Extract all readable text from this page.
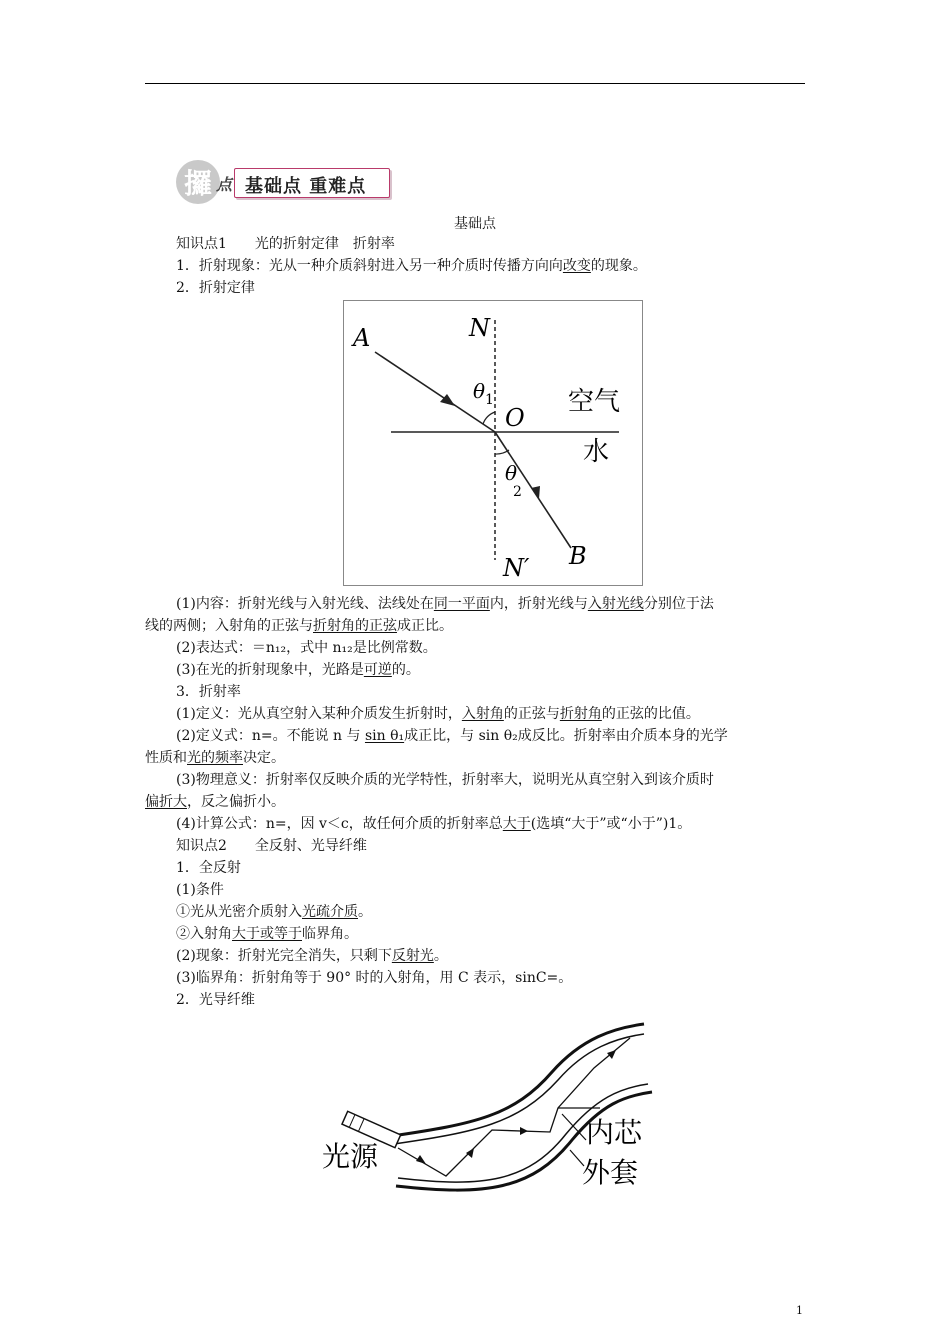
攞 点 基础点 重难点
基础点
知识点1　　光的折射定律　折射率
1．折射现象：光从一种介质斜射进入另一种介质时传播方向向改变的现象。
2．折射定律
A	N
θ 1
O
空气
水
θ
2
N′ B
(1)内容：折射光线与入射光线、法线处在同一平面内，折射光线与入射光线分别位于法
线的两侧；入射角的正弦与折射角的正弦成正比。
(2)表达式：＝n₁₂，式中 n₁₂是比例常数。
(3)在光的折射现象中，光路是可逆的。
3．折射率
(1)定义：光从真空射入某种介质发生折射时，入射角的正弦与折射角的正弦的比值。
(2)定义式：n=。不能说 n 与 sin θ₁成正比，与 sin θ₂成反比。折射率由介质本身的光学
性质和光的频率决定。
(3)物理意义：折射率仅反映介质的光学特性，折射率大，说明光从真空射入到该介质时
偏折大，反之偏折小。
(4)计算公式：n=，因 v＜c，故任何介质的折射率总大于(选填“大于”或“小于”)1。
知识点2　　全反射、光导纤维
1．全反射
(1)条件
①光从光密介质射入光疏介质。
②入射角大于或等于临界角。
(2)现象：折射光完全消失，只剩下反射光。
(3)临界角：折射角等于 90° 时的入射角，用 C 表示，sinC=。
2．光导纤维
光源
内芯
外套
1
